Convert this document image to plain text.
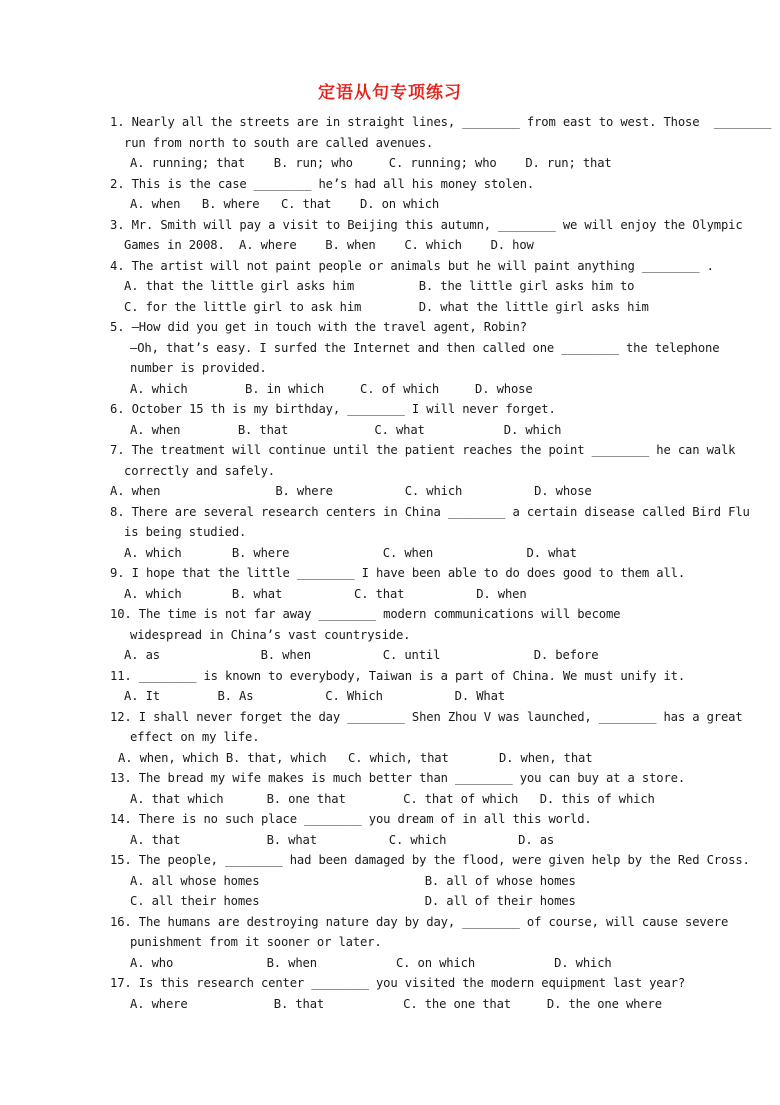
定语从句专项练习
1. Nearly all the streets are in straight lines, ________ from east to west. Those  ________
run from north to south are called avenues.
A. running; that    B. run; who     C. running; who    D. run; that
2. This is the case ________ he’s had all his money stolen.
A. when   B. where   C. that    D. on which
3. Mr. Smith will pay a visit to Beijing this autumn, ________ we will enjoy the Olympic
Games in 2008.  A. where    B. when    C. which    D. how
4. The artist will not paint people or animals but he will paint anything ________ .
A. that the little girl asks him         B. the little girl asks him to
C. for the little girl to ask him        D. what the little girl asks him
5. —How did you get in touch with the travel agent, Robin?
—Oh, that’s easy. I surfed the Internet and then called one ________ the telephone
number is provided.
A. which        B. in which     C. of which     D. whose
6. October 15 th is my birthday, ________ I will never forget.
A. when        B. that            C. what           D. which
7. The treatment will continue until the patient reaches the point ________ he can walk
correctly and safely.
A. when                B. where          C. which          D. whose
8. There are several research centers in China ________ a certain disease called Bird Flu
is being studied.
A. which       B. where             C. when             D. what
9. I hope that the little ________ I have been able to do does good to them all.
A. which       B. what          C. that          D. when
10. The time is not far away ________ modern communications will become
widespread in China’s vast countryside.
A. as              B. when          C. until             D. before
11. ________ is known to everybody, Taiwan is a part of China. We must unify it.
A. It        B. As          C. Which          D. What
12. I shall never forget the day ________ Shen Zhou V was launched, ________ has a great
effect on my life.
A. when, which B. that, which   C. which, that       D. when, that
13. The bread my wife makes is much better than ________ you can buy at a store.
A. that which      B. one that        C. that of which   D. this of which
14. There is no such place ________ you dream of in all this world.
A. that            B. what          C. which          D. as
15. The people, ________ had been damaged by the flood, were given help by the Red Cross.
A. all whose homes                       B. all of whose homes
C. all their homes                       D. all of their homes
16. The humans are destroying nature day by day, ________ of course, will cause severe
punishment from it sooner or later.
A. who             B. when           C. on which           D. which
17. Is this research center ________ you visited the modern equipment last year?
A. where            B. that           C. the one that     D. the one where
